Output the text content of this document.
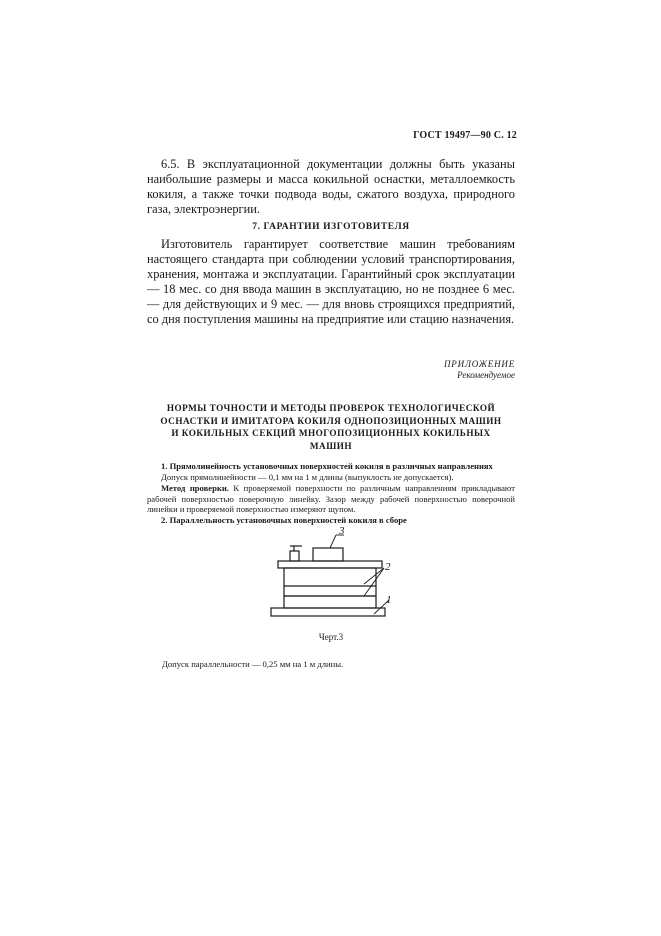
ГОСТ 19497—90 С. 12
6.5. В эксплуатационной документации должны быть указаны наибольшие размеры и масса кокильной оснастки, металлоемкость кокиля, а также точки подвода воды, сжатого воздуха, природного газа, электроэнергии.
7. ГАРАНТИИ ИЗГОТОВИТЕЛЯ
Изготовитель гарантирует соответствие машин требованиям настоящего стандарта при соблюдении условий транспортирования, хранения, монтажа и эксплуатации. Гарантийный срок эксплуатации — 18 мес. со дня ввода машин в эксплуатацию, но не позднее 6 мес. — для действующих и 9 мес. — для вновь строящихся предприятий, со дня поступления машины на предприятие или стацию назначения.
ПРИЛОЖЕНИЕ
Рекомендуемое
НОРМЫ ТОЧНОСТИ И МЕТОДЫ ПРОВЕРОК ТЕХНОЛОГИЧЕСКОЙ ОСНАСТКИ И ИМИТАТОРА КОКИЛЯ ОДНОПОЗИЦИОННЫХ МАШИН И КОКИЛЬНЫХ СЕКЦИЙ МНОГОПОЗИЦИОННЫХ КОКИЛЬНЫХ МАШИН
1. Прямолинейность установочных поверхностей кокиля в различных направлениях
Допуск прямолинейности — 0,1 мм на 1 м длины (выпуклость не допускается).
Метод проверки. К проверяемой поверхности по различным направлениям прикладывают рабочей поверхностью поверочную линейку. Зазор между рабочей поверхностью поверочной линейки и проверяемой поверхностью измеряют щупом.
2. Параллельность установочных поверхностей кокиля в сборе
3
2
1
Черт.3
Допуск параллельности — 0,25 мм на 1 м длины.
